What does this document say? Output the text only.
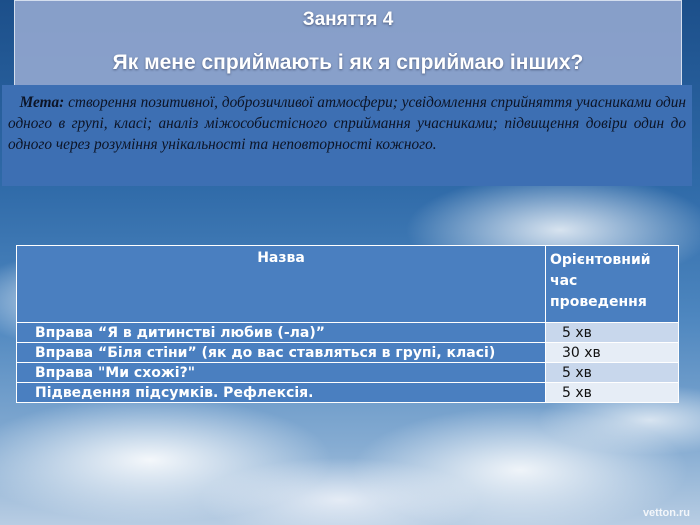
Заняття 4
Як мене сприймають і як я сприймаю інших?
Мета: створення позитивної, доброзичливої атмосфери; усвідомлення сприйняття учасниками один одного в групі, класі; аналіз міжособистісного сприймання учасниками; підвищення довіри один до одного через розуміння унікальності та неповторності кожного.
Назва	Орієнтовний час проведення
Вправа “Я в дитинстві любив (-ла)”	5 хв
Вправа “Біля стіни” (як до вас ставляться в групі, класі)	30 хв
Вправа "Ми схожі?"	5 хв
Підведення підсумків. Рефлексія.	5 хв
vetton.ru
